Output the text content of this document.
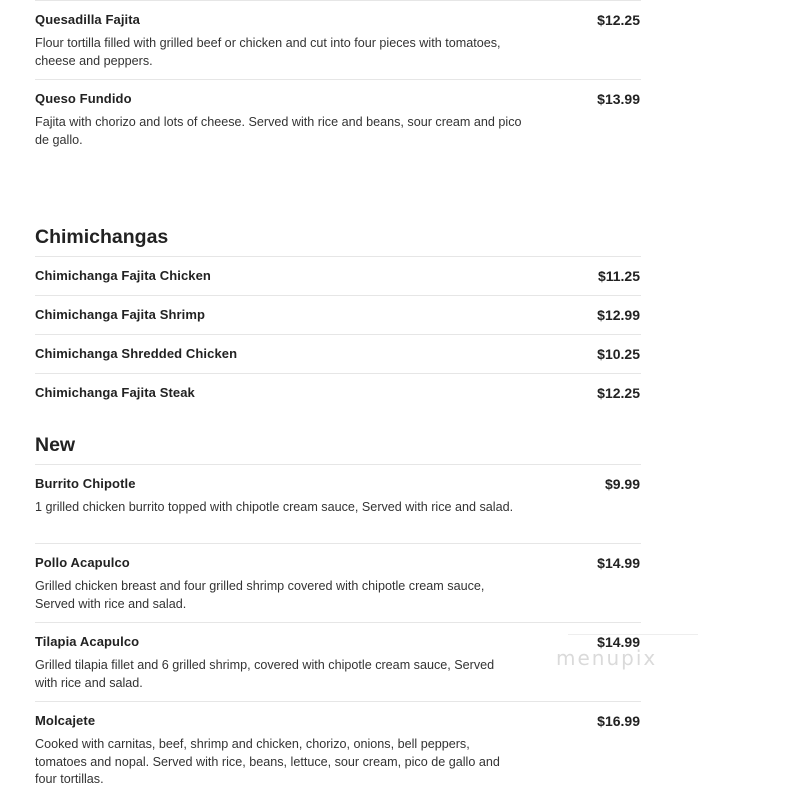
Quesadilla Fajita	$12.25
Flour tortilla filled with grilled beef or chicken and cut into four pieces with tomatoes, cheese and peppers.
Queso Fundido	$13.99
Fajita with chorizo and lots of cheese. Served with rice and beans, sour cream and pico de gallo.
Chimichangas
Chimichanga Fajita Chicken	$11.25
Chimichanga Fajita Shrimp	$12.99
Chimichanga Shredded Chicken	$10.25
Chimichanga Fajita Steak	$12.25
New
Burrito Chipotle	$9.99
1 grilled chicken burrito topped with chipotle cream sauce, Served with rice and salad.
Pollo Acapulco	$14.99
Grilled chicken breast and four grilled shrimp covered with chipotle cream sauce, Served with rice and salad.
Tilapia Acapulco	$14.99
Grilled tilapia fillet and 6 grilled shrimp, covered with chipotle cream sauce, Served with rice and salad.
Molcajete	$16.99
Cooked with carnitas, beef, shrimp and chicken, chorizo, onions, bell peppers, tomatoes and nopal. Served with rice, beans, lettuce, sour cream, pico de gallo and four tortillas.
menupix
